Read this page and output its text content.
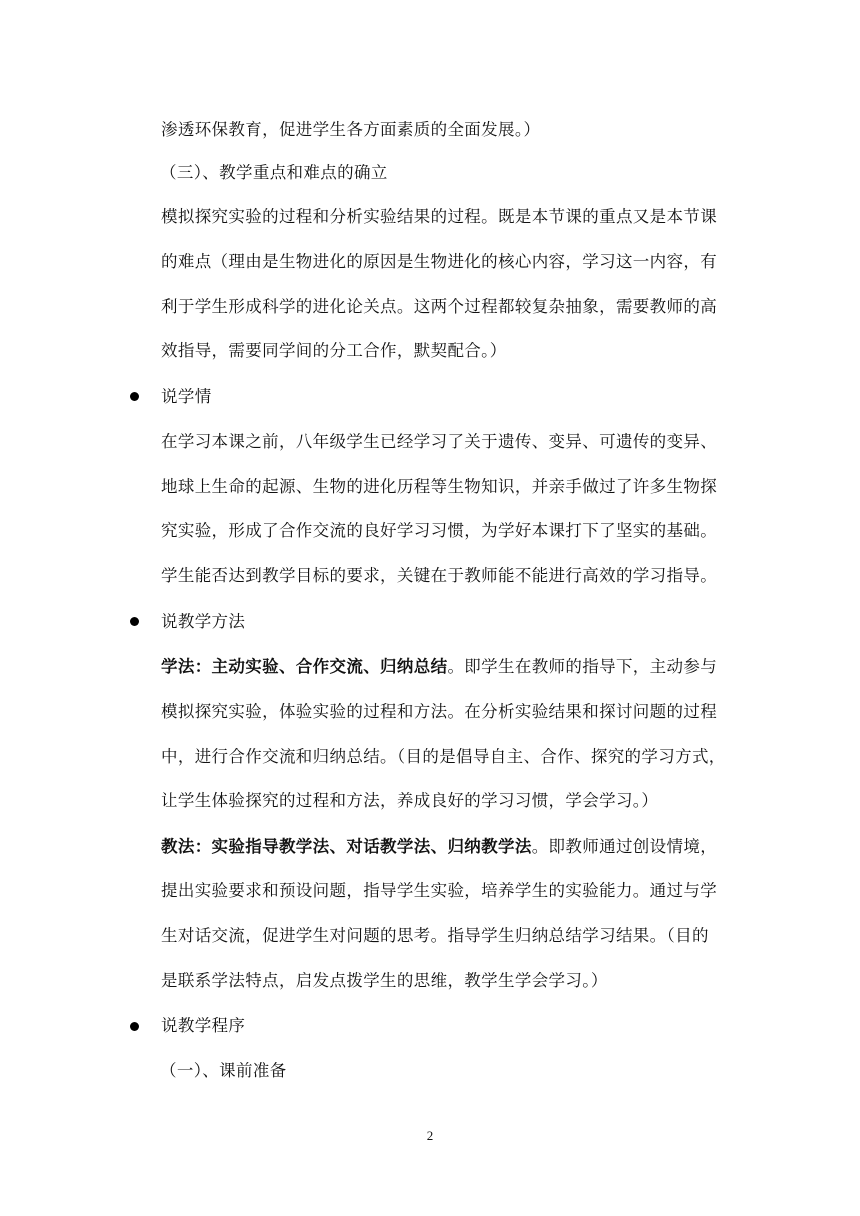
渗透环保教育，促进学生各方面素质的全面发展。）
（三）、教学重点和难点的确立
模拟探究实验的过程和分析实验结果的过程。既是本节课的重点又是本节课
的难点（理由是生物进化的原因是生物进化的核心内容，学习这一内容，有
利于学生形成科学的进化论关点。这两个过程都较复杂抽象，需要教师的高
效指导，需要同学间的分工合作，默契配合。）
说学情
在学习本课之前，八年级学生已经学习了关于遗传、变异、可遗传的变异、
地球上生命的起源、生物的进化历程等生物知识，并亲手做过了许多生物探
究实验，形成了合作交流的良好学习习惯，为学好本课打下了坚实的基础。
学生能否达到教学目标的要求，关键在于教师能不能进行高效的学习指导。
说教学方法
学法：主动实验、合作交流、归纳总结。即学生在教师的指导下，主动参与
模拟探究实验，体验实验的过程和方法。在分析实验结果和探讨问题的过程
中，进行合作交流和归纳总结。（目的是倡导自主、合作、探究的学习方式，
让学生体验探究的过程和方法，养成良好的学习习惯，学会学习。）
教法：实验指导教学法、对话教学法、归纳教学法。即教师通过创设情境，
提出实验要求和预设问题，指导学生实验，培养学生的实验能力。通过与学
生对话交流，促进学生对问题的思考。指导学生归纳总结学习结果。（目的
是联系学法特点，启发点拨学生的思维，教学生学会学习。）
说教学程序
（一）、课前准备
2
